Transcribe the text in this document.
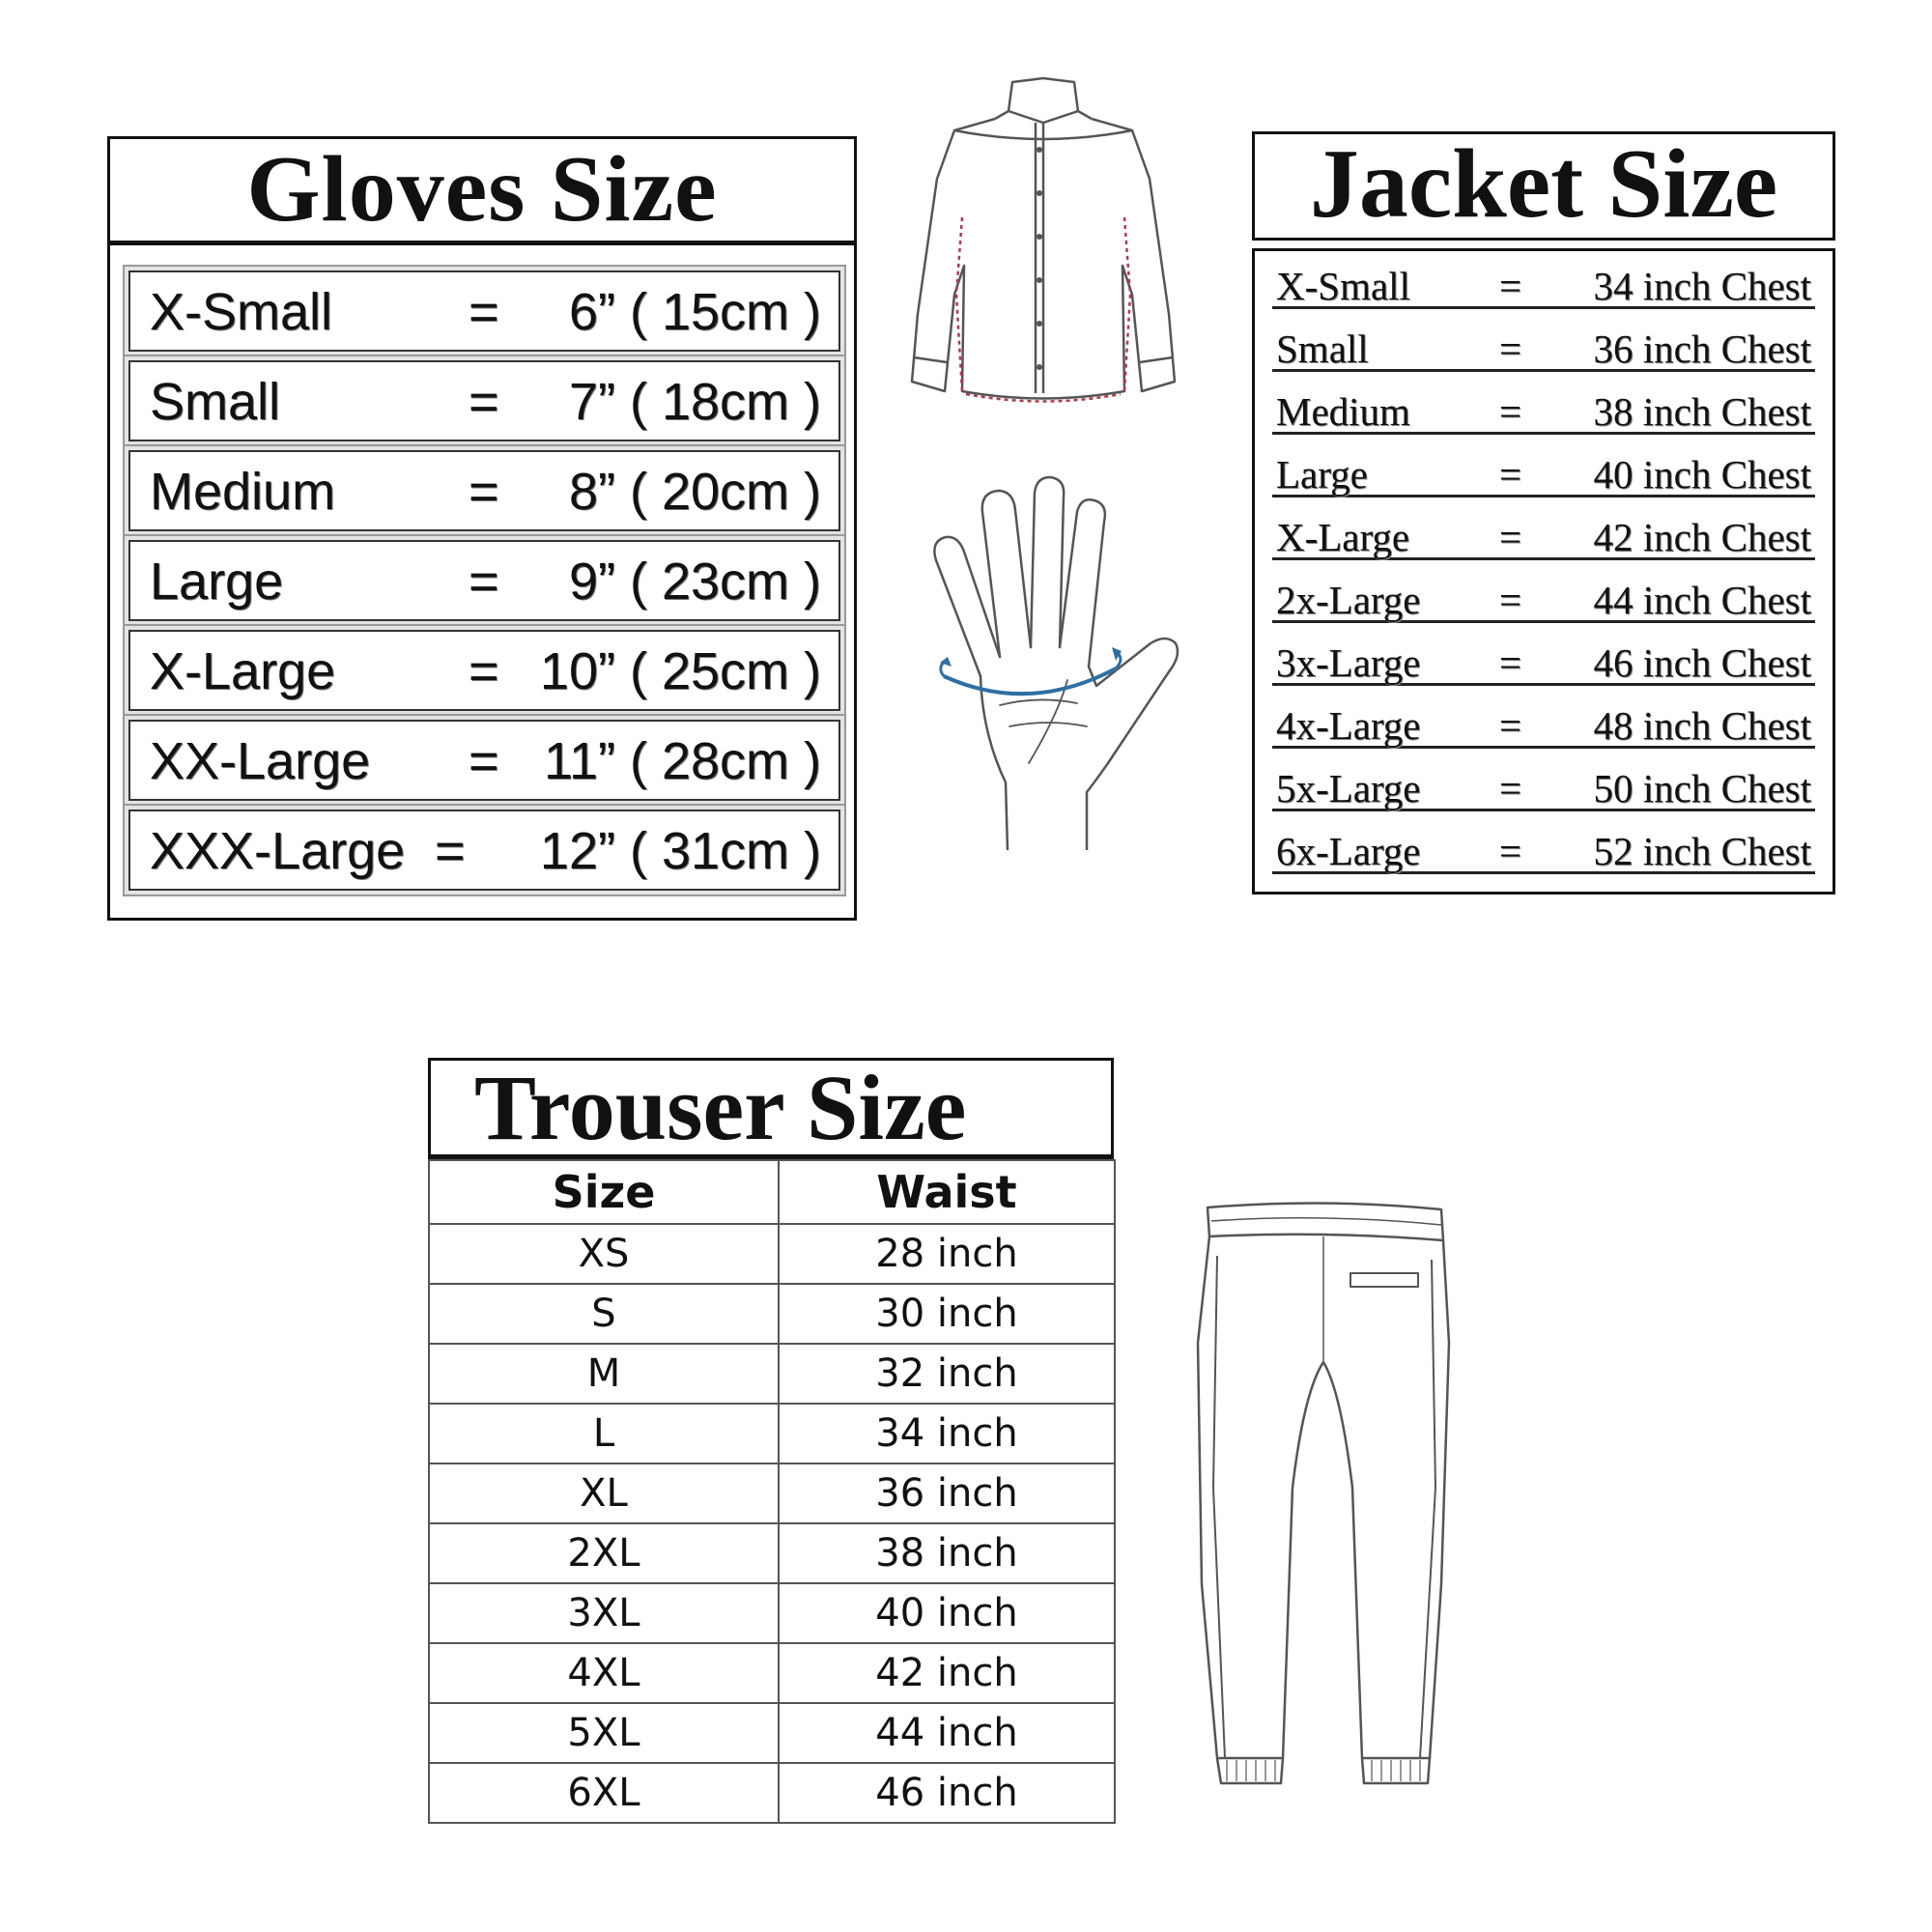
Gloves Size
X-Small	= 6” ( 15cm )
Small	= 7” ( 18cm )
Medium	= 8” ( 20cm )
Large	= 9” ( 23cm )
X-Large	= 10” ( 25cm )
XX-Large = 11” ( 28cm )
XXX-Large = 12” ( 31cm )
Jacket Size
X-Small = 34 inch Chest
Small	= 36 inch Chest
Medium = 38 inch Chest
Large	= 40 inch Chest
X-Large = 42 inch Chest
2x-Large = 44 inch Chest
3x-Large = 46 inch Chest
4x-Large = 48 inch Chest
5x-Large = 50 inch Chest
6x-Large = 52 inch Chest
Trouser Size
Size	Waist
XS	28 inch
S	30 inch
M	32 inch
L	34 inch
XL	36 inch
2XL	38 inch
3XL	40 inch
4XL	42 inch
5XL	44 inch
6XL	46 inch
